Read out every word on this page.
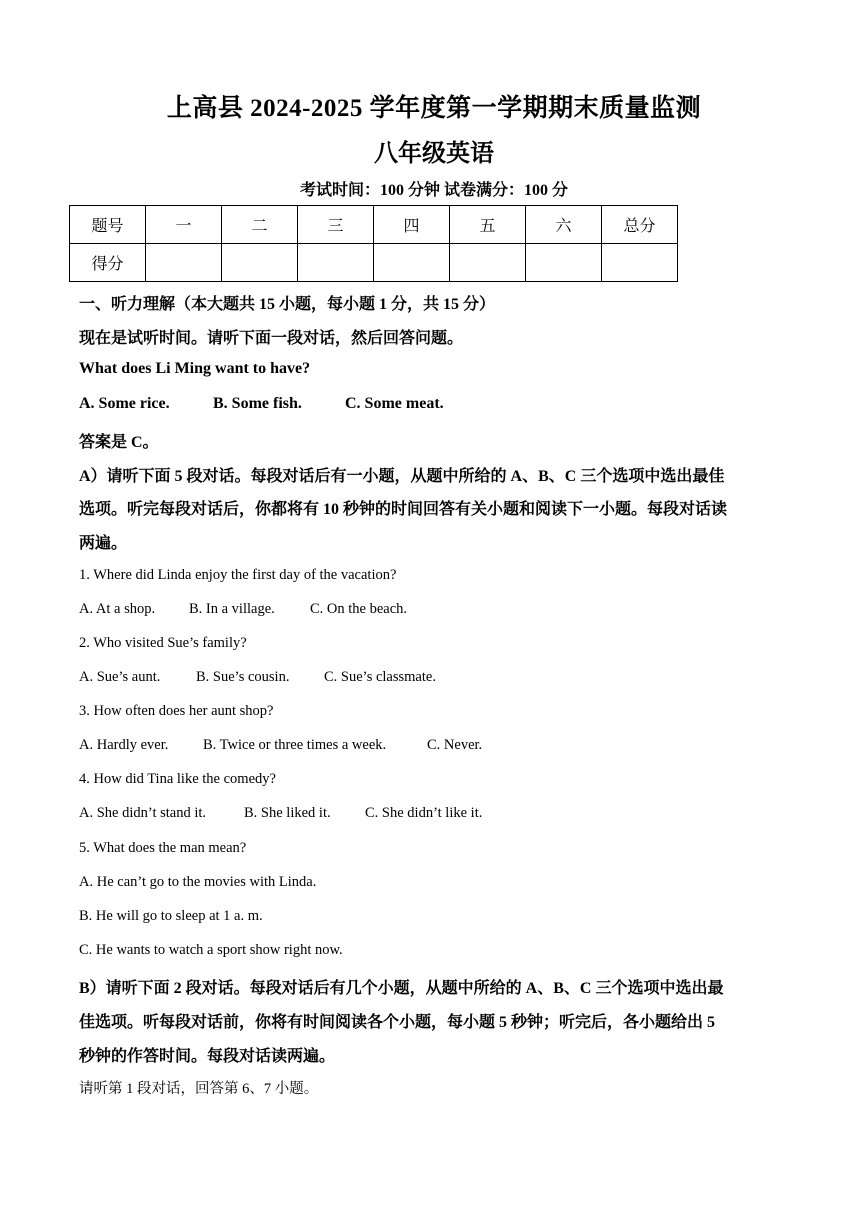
上高县 2024-2025 学年度第一学期期末质量监测
八年级英语
考试时间：100 分钟 试卷满分：100 分
题号	一	二	三	四	五	六	总分
得分							
一、听力理解（本大题共 15 小题，每小题 1 分，共 15 分）
现在是试听时间。请听下面一段对话，然后回答问题。
What does Li Ming want to have?
A. Some rice.	B. Some fish.	C. Some meat.
答案是 C。
A）请听下面 5 段对话。每段对话后有一小题，从题中所给的 A、B、C 三个选项中选出最佳
选项。听完每段对话后，你都将有 10 秒钟的时间回答有关小题和阅读下一小题。每段对话读
两遍。
1. Where did Linda enjoy the first day of the vacation?
A. At a shop. B. In a village. C. On the beach.
2. Who visited Sue’s family?
A. Sue’s aunt. B. Sue’s cousin. C. Sue’s classmate.
3. How often does her aunt shop?
A. Hardly ever. B. Twice or three times a week.	C. Never.
4. How did Tina like the comedy?
A. She didn’t stand it.	B. She liked it. C. She didn’t like it.
5. What does the man mean?
A. He can’t go to the movies with Linda.
B. He will go to sleep at 1 a. m.
C. He wants to watch a sport show right now.
B）请听下面 2 段对话。每段对话后有几个小题，从题中所给的 A、B、C 三个选项中选出最
佳选项。听每段对话前，你将有时间阅读各个小题，每小题 5 秒钟；听完后，各小题给出 5
秒钟的作答时间。每段对话读两遍。
请听第 1 段对话，回答第 6、7 小题。
